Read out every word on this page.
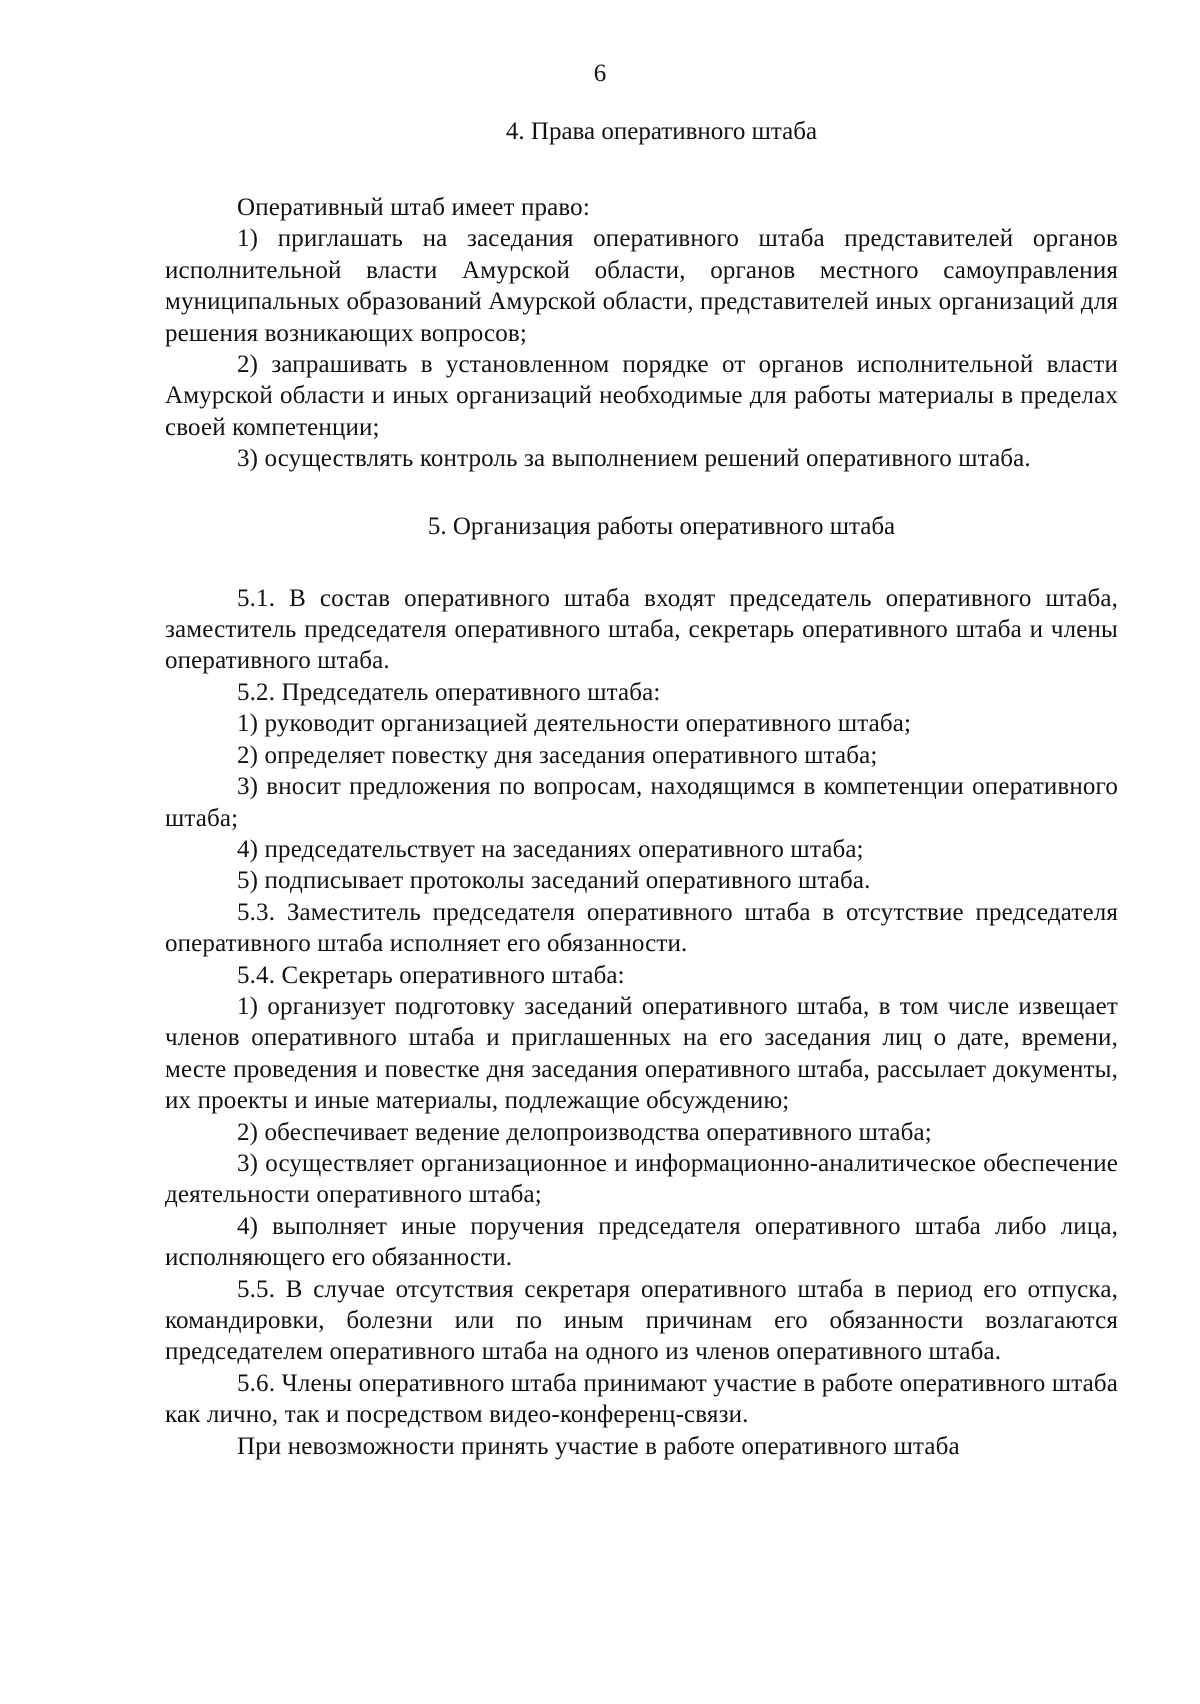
6
4. Права оперативного штаба

Оперативный штаб имеет право:

1) приглашать на заседания оперативного штаба представителей органов исполнительной власти Амурской области, органов местного самоуправления муниципальных образований Амурской области, представителей иных организаций для решения возникающих вопросов;

2) запрашивать в установленном порядке от органов исполнительной власти Амурской области и иных организаций необходимые для работы материалы в пределах своей компетенции;

3) осуществлять контроль за выполнением решений оперативного штаба.

5. Организация работы оперативного штаба

5.1. В состав оперативного штаба входят председатель оперативного штаба, заместитель председателя оперативного штаба, секретарь оперативного штаба и члены оперативного штаба.

5.2. Председатель оперативного штаба:

1) руководит организацией деятельности оперативного штаба;

2) определяет повестку дня заседания оперативного штаба;

3) вносит предложения по вопросам, находящимся в компетенции оперативного штаба;

4) председательствует на заседаниях оперативного штаба;

5) подписывает протоколы заседаний оперативного штаба.

5.3. Заместитель председателя оперативного штаба в отсутствие председателя оперативного штаба исполняет его обязанности.

5.4. Секретарь оперативного штаба:

1) организует подготовку заседаний оперативного штаба, в том числе извещает членов оперативного штаба и приглашенных на его заседания лиц о дате, времени, месте проведения и повестке дня заседания оперативного штаба, рассылает документы, их проекты и иные материалы, подлежащие обсуждению;

2) обеспечивает ведение делопроизводства оперативного штаба;

3) осуществляет организационное и информационно-аналитическое обеспечение деятельности оперативного штаба;

4) выполняет иные поручения председателя оперативного штаба либо лица, исполняющего его обязанности.

5.5. В случае отсутствия секретаря оперативного штаба в период его отпуска, командировки, болезни или по иным причинам его обязанности возлагаются председателем оперативного штаба на одного из членов оперативного штаба.

5.6. Члены оперативного штаба принимают участие в работе оперативного штаба как лично, так и посредством видео-конференц-связи.

При невозможности принять участие в работе оперативного штаба
